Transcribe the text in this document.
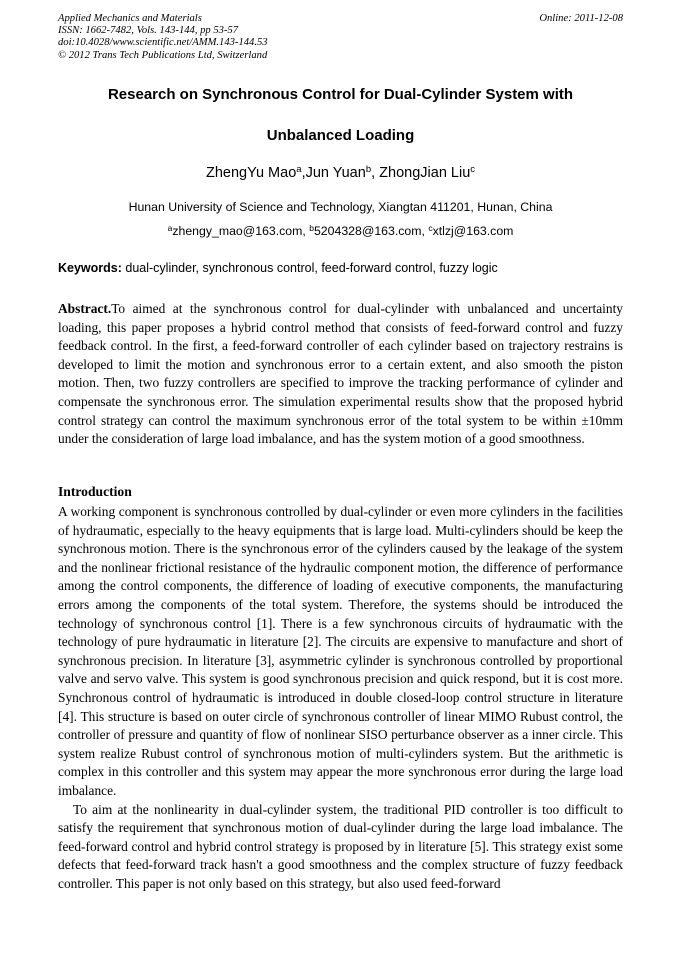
Applied Mechanics and Materials
ISSN: 1662-7482, Vols. 143-144, pp 53-57
doi:10.4028/www.scientific.net/AMM.143-144.53
© 2012 Trans Tech Publications Ltd, Switzerland
Online: 2011-12-08
Research on Synchronous Control for Dual-Cylinder System with
Unbalanced Loading
ZhengYu Mao$^a$,Jun Yuan$^b$, ZhongJian Liu$^c$
Hunan University of Science and Technology, Xiangtan 411201, Hunan, China
$^a$zhengy_mao@163.com, $^b$5204328@163.com, $^c$xtlzj@163.com
Keywords: dual-cylinder, synchronous control, feed-forward control, fuzzy logic
Abstract.To aimed at the synchronous control for dual-cylinder with unbalanced and uncertainty loading, this paper proposes a hybrid control method that consists of feed-forward control and fuzzy feedback control. In the first, a feed-forward controller of each cylinder based on trajectory restrains is developed to limit the motion and synchronous error to a certain extent, and also smooth the piston motion. Then, two fuzzy controllers are specified to improve the tracking performance of cylinder and compensate the synchronous error. The simulation experimental results show that the proposed hybrid control strategy can control the maximum synchronous error of the total system to be within ±10mm under the consideration of large load imbalance, and has the system motion of a good smoothness.
Introduction

A working component is synchronous controlled by dual-cylinder or even more cylinders in the facilities of hydraumatic, especially to the heavy equipments that is large load. Multi-cylinders should be keep the synchronous motion. There is the synchronous error of the cylinders caused by the leakage of the system and the nonlinear frictional resistance of the hydraulic component motion, the difference of performance among the control components, the difference of loading of executive components, the manufacturing errors among the components of the total system. Therefore, the systems should be introduced the technology of synchronous control [1]. There is a few synchronous circuits of hydraumatic with the technology of pure hydraumatic in literature [2]. The circuits are expensive to manufacture and short of synchronous precision. In literature [3], asymmetric cylinder is synchronous controlled by proportional valve and servo valve. This system is good synchronous precision and quick respond, but it is cost more. Synchronous control of hydraumatic is introduced in double closed-loop control structure in literature [4]. This structure is based on outer circle of synchronous controller of linear MIMO Rubust control, the controller of pressure and quantity of flow of nonlinear SISO perturbance observer as a inner circle. This system realize Rubust control of synchronous motion of multi-cylinders system. But the arithmetic is complex in this controller and this system may appear the more synchronous error during the large load imbalance.

To aim at the nonlinearity in dual-cylinder system, the traditional PID controller is too difficult to satisfy the requirement that synchronous motion of dual-cylinder during the large load imbalance. The feed-forward control and hybrid control strategy is proposed by in literature [5]. This strategy exist some defects that feed-forward track hasn't a good smoothness and the complex structure of fuzzy feedback controller. This paper is not only based on this strategy, but also used feed-forward
